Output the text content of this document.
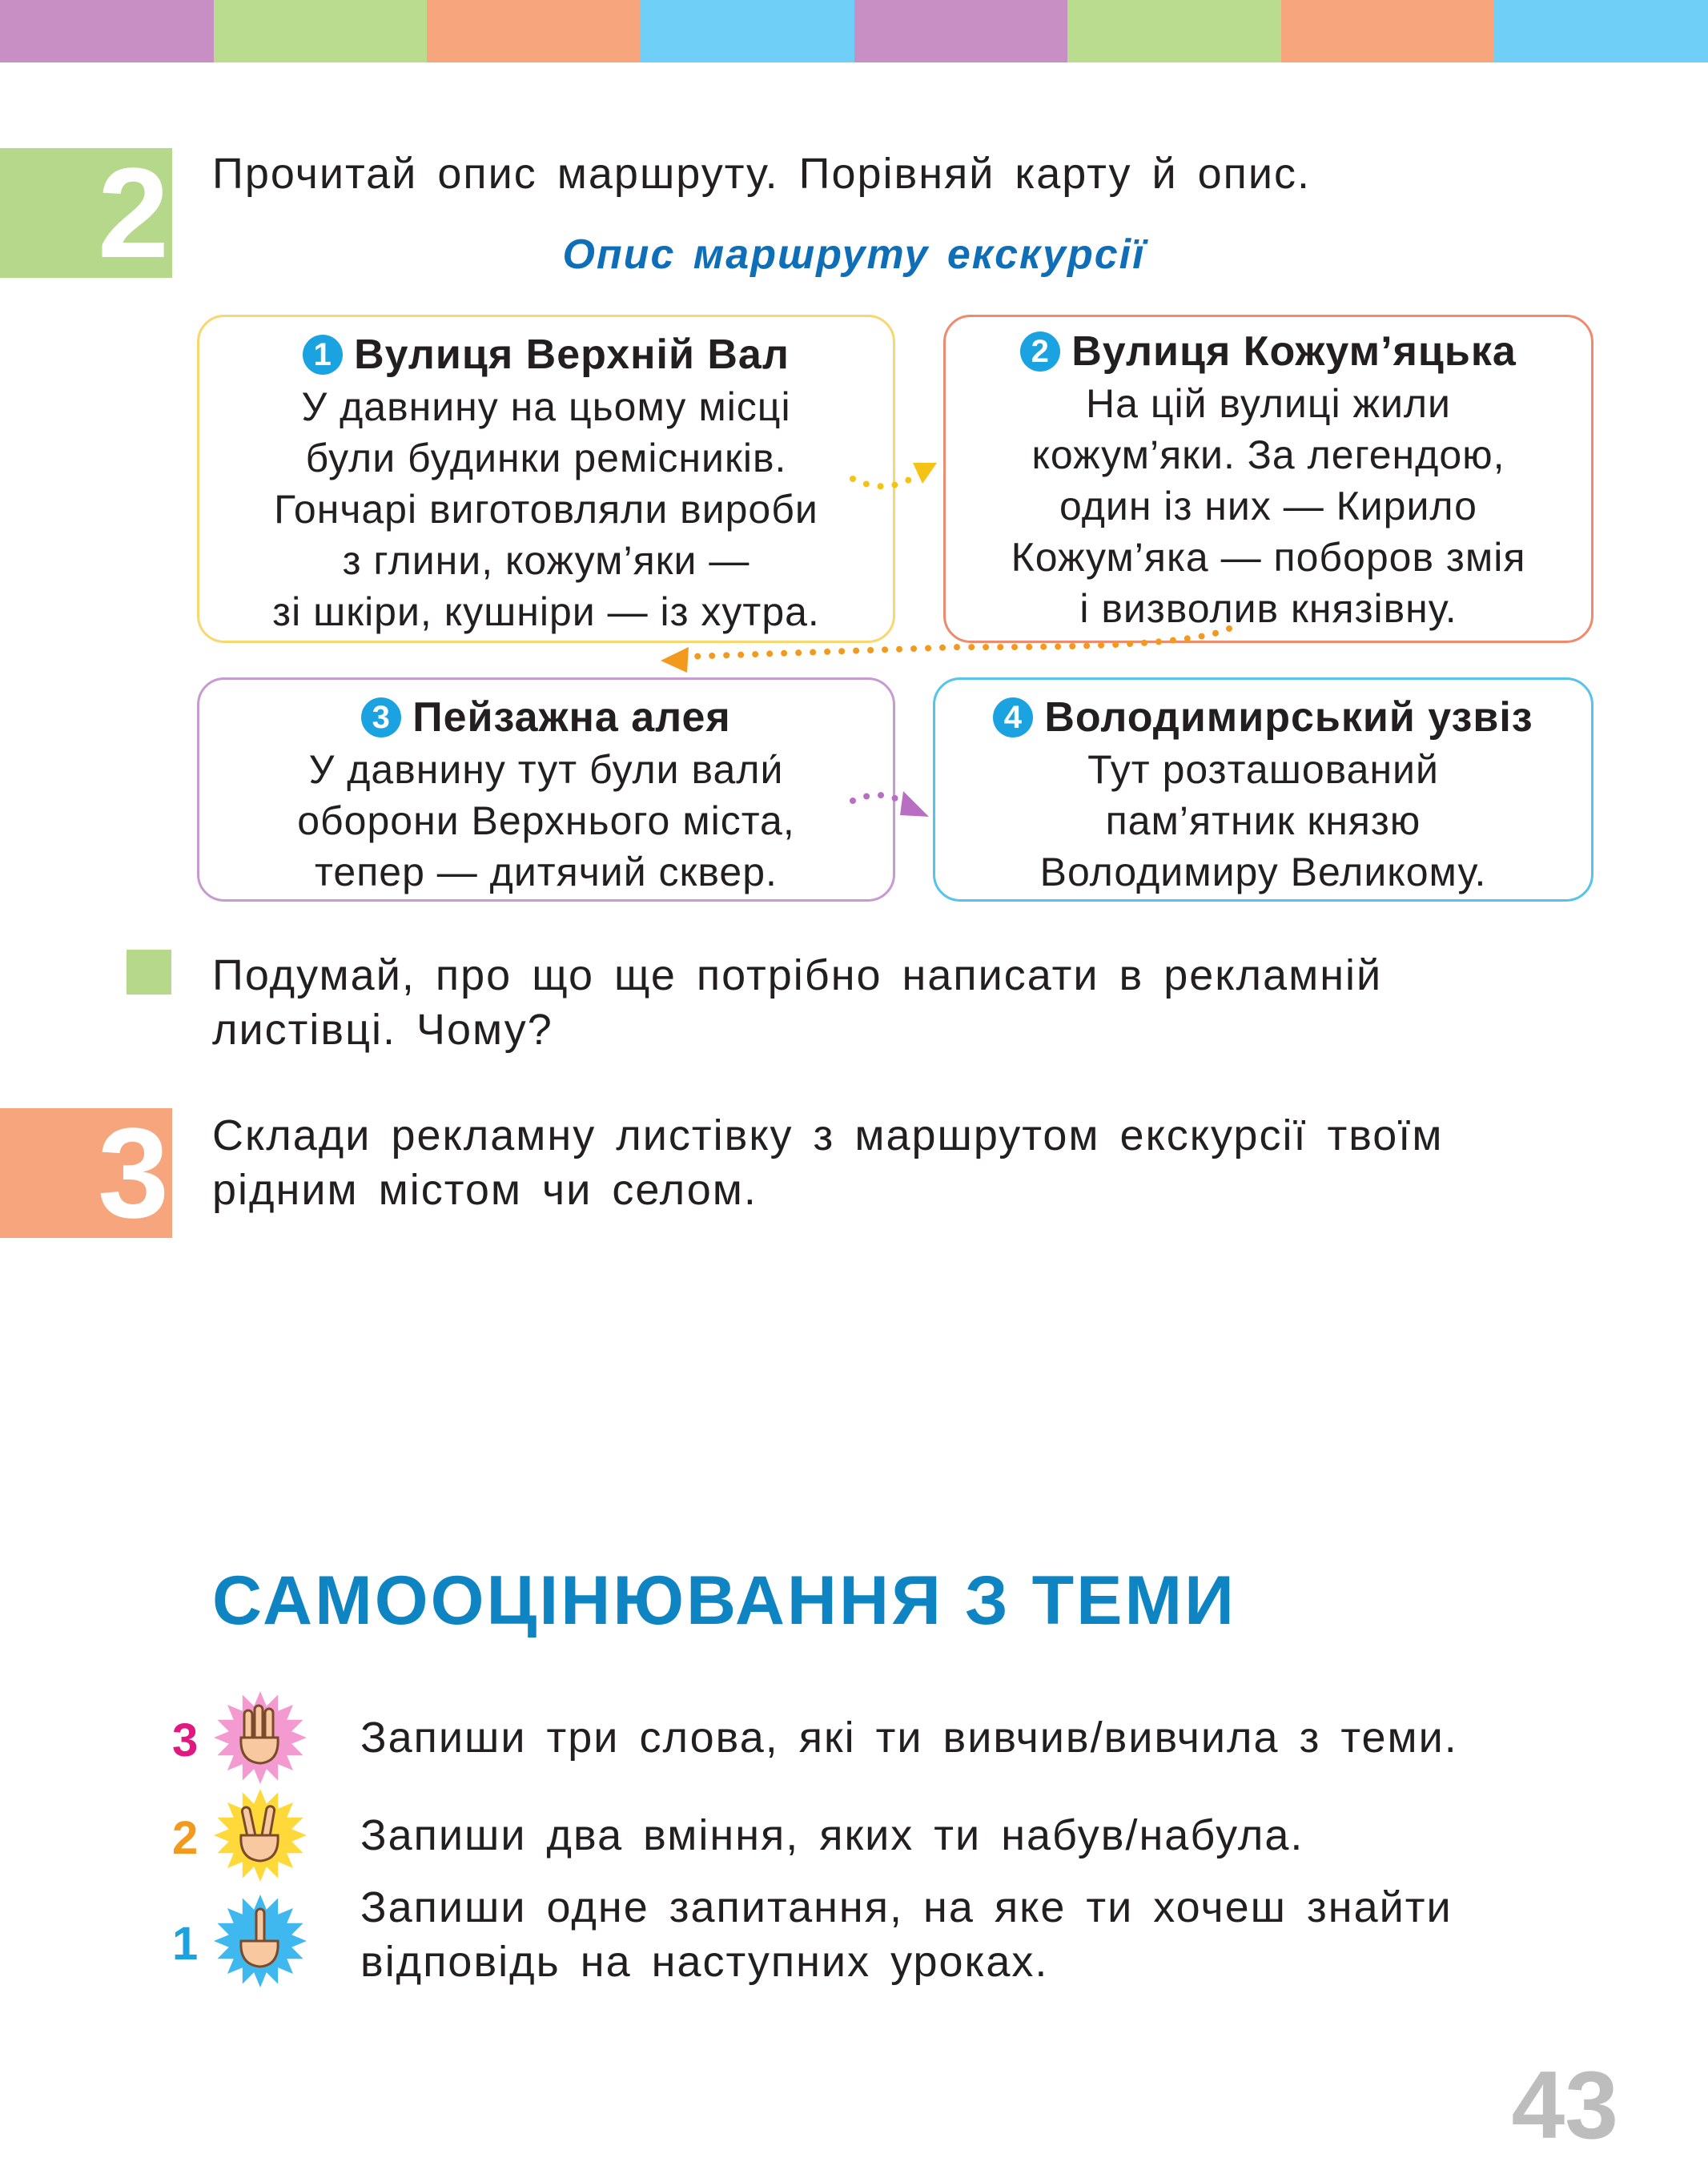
2 Прочитай опис маршруту. Порівняй карту й опис.
Опис маршруту екскурсії
1 Вулиця Верхній Вал
У давнину на цьому місці
були будинки ремісників.
Гончарі виготовляли вироби
з глини, кожум’яки —
зі шкіри, кушніри — із хутра.
2 Вулиця Кожум’яцька
На цій вулиці жили
кожум’яки. За легендою,
один із них — Кирило
Кожум’яка — поборов змія
і визволив князівну.
3 Пейзажна алея
У давнину тут були вали́
оборони Верхнього міста,
тепер — дитячий сквер.
4 Володимирський узвіз
Тут розташований
пам’ятник князю
Володимиру Великому.
Подумай, про що ще потрібно написати в рекламній
листівці. Чому?
3 Склади рекламну листівку з маршрутом екскурсії твоїм
рідним містом чи селом.
САМООЦІНЮВАННЯ З ТЕМИ
3	Запиши три слова, які ти вивчив/вивчила з теми.
2	Запиши два вміння, яких ти набув/набула.
1
Запиши одне запитання, на яке ти хочеш знайти
відповідь на наступних уроках.
43
